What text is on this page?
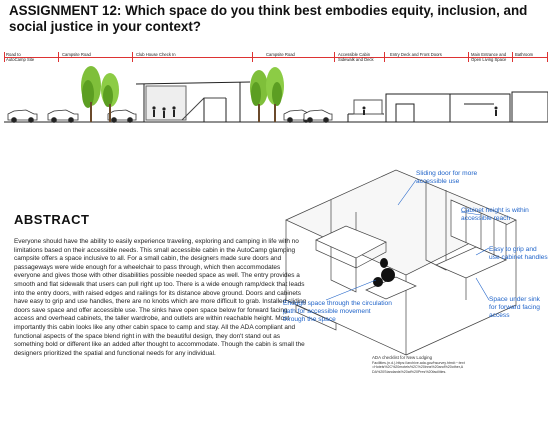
ASSIGNMENT 12: Which space do you think best embodies equity, inclusion, and social justice in your context?
Road to AutoCamp Site
Campsite Road	Club House Check In	Campsite Road	Accessible Cabin Sidewalk and Deck
Entry Deck and Front Doors	Main Entrance and Open Living Space
Bathroom
ABSTRACT
Everyone should have the ability to easily experience traveling, exploring and camping in life with no limitations based on their accessible needs. This small accessible cabin in the AutoCamp glamping campsite offers a space inclusive to all. For a small cabin, the designers made sure doors and passageways were wide enough for a wheelchair to pass through, which then accommodates everyone and gives those with other disabilities possible needed space as well. The entry provides a smooth and flat sidewalk that users can pull right up too. There is a wide enough ramp/deck that leads into the entry doors, with raised edges and railings for its distance above ground. Doors and cabinets have easy to grip and use handles, there are no knobs which are more difficult to grab. Installed sliding doors save space and offer accessible use. The sinks have open space below for forward facing access and overhead cabinets, the taller wardrobe, and outlets are within reachable height. Most importantly this cabin looks like any other cabin space to camp and stay. All the ADA compliant and functional aspects of the space blend right in with the beautiful design, they don't stand out as something bold or different like an added after thought to accommodate. Though the cabin is small the designers prioritized the spatial and functional needs for any individual.
Sliding door for more accessible use
Cabinet height is within accessible reach
Easy to grip and use cabinet handles
Space under sink for forward facing access
Enough space through the circulation path for accessible movement through the space
ADA checklist for New Lodging
Facilities.(n.d.).https://archive.ada.gov/hsurvey.htm#:~:text
=Hotels%2C%20motels%2C%20inns%20and%20other,A
DA%20Standards%20at%20Pres%20facilities.
